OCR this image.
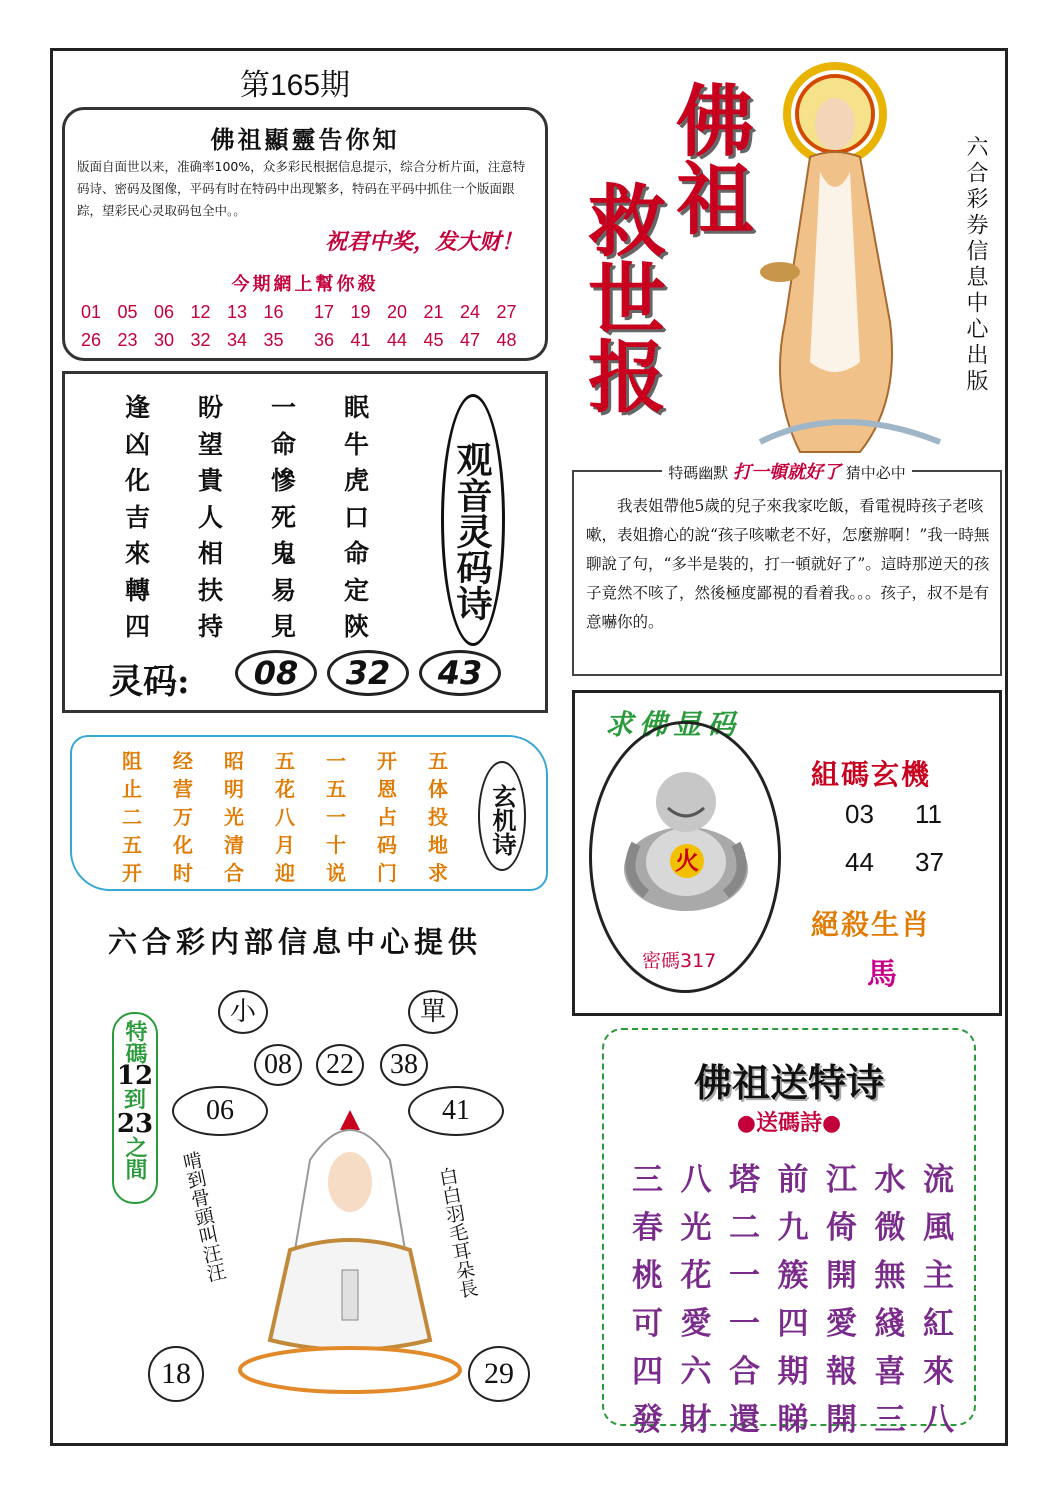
第165期
佛祖顯靈告你知
版面自面世以来，准确率100%，众多彩民根据信息提示，综合分析片面，注意特码诗、密码及图像，平码有时在特码中出现繁多，特码在平码中抓住一个版面跟踪，望彩民心灵取码包全中。。
祝君中奖，发大财！
今期網上幫你殺
01 05 06 12 13 16 17 19 20 21 24 27
26 23 30 32 34 35 36 41 44 45 47 48
逢 盼 一 眠
凶 望 命 牛
化 貴 慘 虎
吉 人 死 口
來 相 鬼 命
轉 扶 易 定
四 持 見 陝
观音灵码诗
灵码:	08	32	43
佛祖
救世报	六合彩券信息中心出版
特碼幽默 打一頓就好了 猜中必中
我表姐帶他5歲的兒子來我家吃飯，看電視時孩子老咳嗽，表姐擔心的說“孩子咳嗽老不好，怎麼辦啊！”我一時無聊說了句，“多半是裝的，打一頓就好了”。這時那逆天的孩子竟然不咳了，然後極度鄙視的看着我。。。孩子，叔不是有意嚇你的。
求佛显码
火
密碼317
組碼玄機
03 11
44 37
絕殺生肖
馬
阻 经 昭 五 一 开 五
止 营 明 花 五 恩 体
二 万 光 八 一 占 投
五 化 清 月 十 码 地
开 时 合 迎 说 门 求
玄机诗
六合彩内部信息中心提供
小	單
08	22	38
06	41
18	29
特碼
12
到
23
之間 啃到骨頭叫汪汪	白白羽毛耳朵長
佛祖送特诗
●送碼詩●
三 八 塔 前 江 水 流
春 光 二 九 倚 微 風
桃 花 一 簇 開 無 主
可 愛 一 四 愛 綫 紅
四 六 合 期 報 喜 來
發 財 還 睇 開 三 八
